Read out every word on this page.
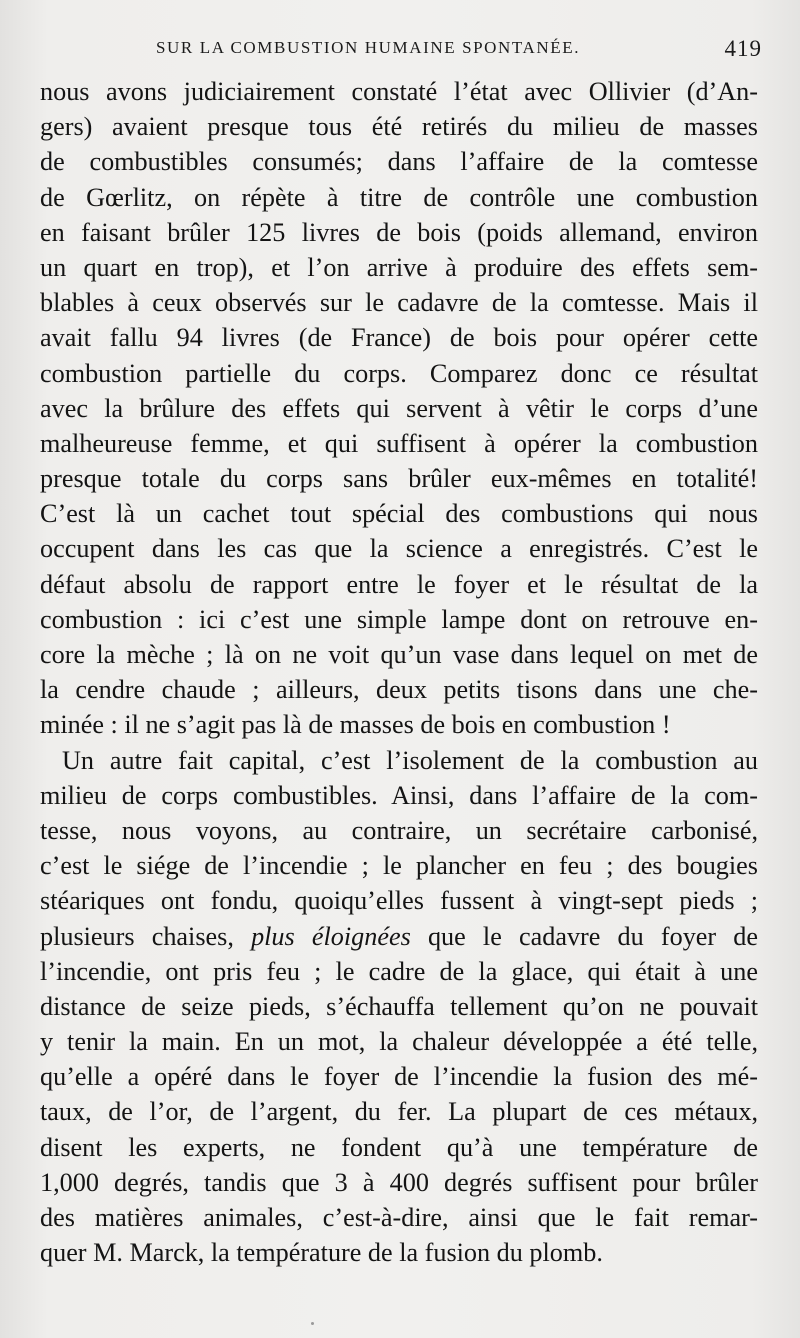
SUR LA COMBUSTION HUMAINE SPONTANÉE.	419
nous avons judiciairement constaté l’état avec Ollivier (d’An-
gers) avaient presque tous été retirés du milieu de masses
de combustibles consumés; dans l’affaire de la comtesse
de Gœrlitz, on répète à titre de contrôle une combustion
en faisant brûler 125 livres de bois (poids allemand, environ
un quart en trop), et l’on arrive à produire des effets sem-
blables à ceux observés sur le cadavre de la comtesse. Mais il
avait fallu 94 livres (de France) de bois pour opérer cette
combustion partielle du corps. Comparez donc ce résultat
avec la brûlure des effets qui servent à vêtir le corps d’une
malheureuse femme, et qui suffisent à opérer la combustion
presque totale du corps sans brûler eux-mêmes en totalité!
C’est là un cachet tout spécial des combustions qui nous
occupent dans les cas que la science a enregistrés. C’est le
défaut absolu de rapport entre le foyer et le résultat de la
combustion : ici c’est une simple lampe dont on retrouve en-
core la mèche ; là on ne voit qu’un vase dans lequel on met de
la cendre chaude ; ailleurs, deux petits tisons dans une che-
minée : il ne s’agit pas là de masses de bois en combustion !
Un autre fait capital, c’est l’isolement de la combustion au
milieu de corps combustibles. Ainsi, dans l’affaire de la com-
tesse, nous voyons, au contraire, un secrétaire carbonisé,
c’est le siége de l’incendie ; le plancher en feu ; des bougies
stéariques ont fondu, quoiqu’elles fussent à vingt-sept pieds ;
plusieurs chaises, plus éloignées que le cadavre du foyer de
l’incendie, ont pris feu ; le cadre de la glace, qui était à une
distance de seize pieds, s’échauffa tellement qu’on ne pouvait
y tenir la main. En un mot, la chaleur développée a été telle,
qu’elle a opéré dans le foyer de l’incendie la fusion des mé-
taux, de l’or, de l’argent, du fer. La plupart de ces métaux,
disent les experts, ne fondent qu’à une température de
1,000 degrés, tandis que 3 à 400 degrés suffisent pour brûler
des matières animales, c’est-à-dire, ainsi que le fait remar-
quer M. Marck, la température de la fusion du plomb.
